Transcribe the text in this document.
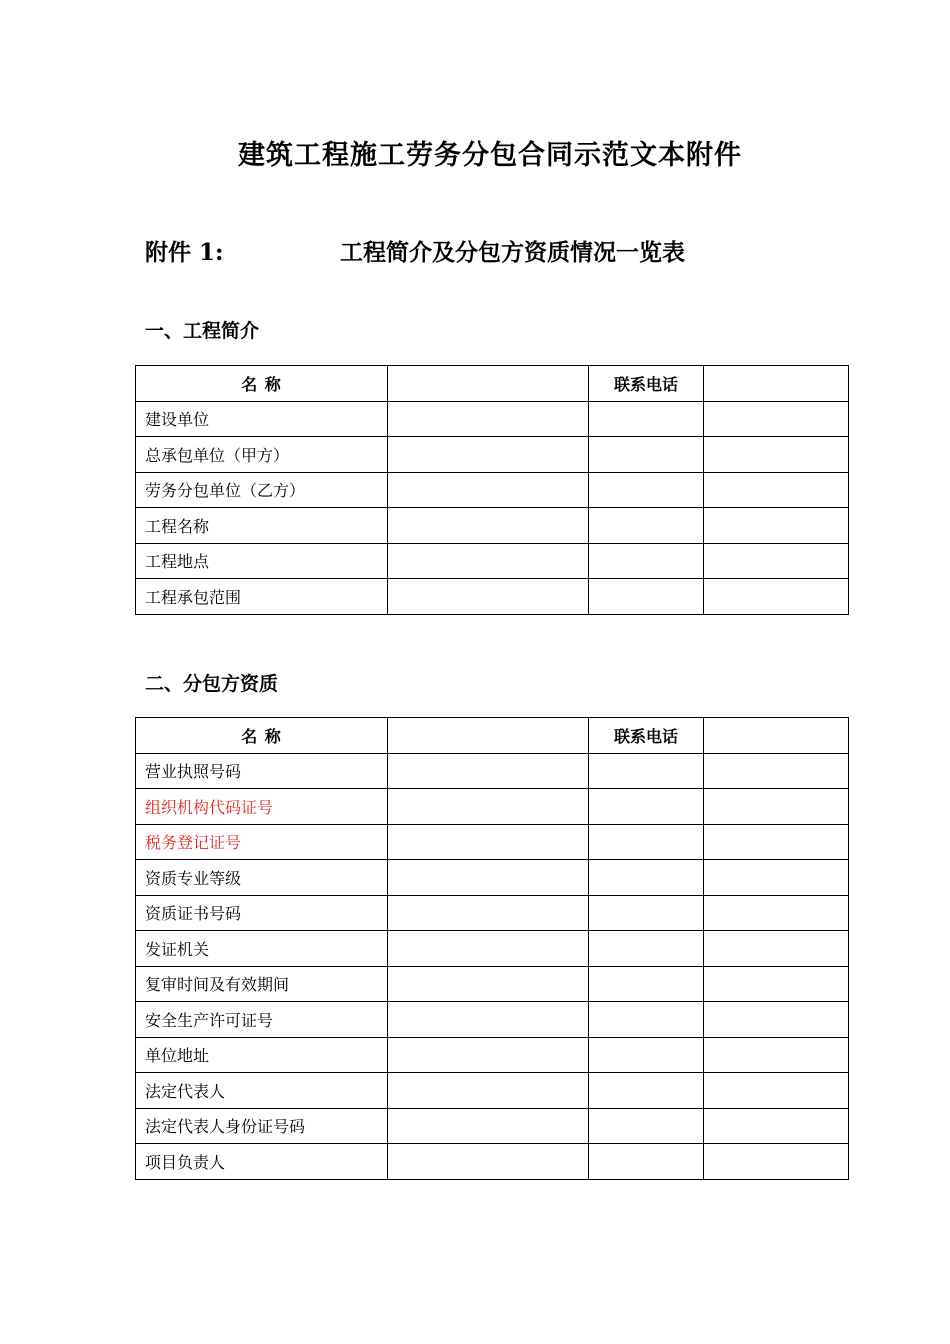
建筑工程施工劳务分包合同示范文本附件
附件 1:	工程简介及分包方资质情况一览表
一、工程简介
名 称		联系电话	
建设单位			
总承包单位（甲方）			
劳务分包单位（乙方）			
工程名称			
工程地点			
工程承包范围			
二、分包方资质
名 称		联系电话	
营业执照号码			
组织机构代码证号			
税务登记证号			
资质专业等级			
资质证书号码			
发证机关			
复审时间及有效期间			
安全生产许可证号			
单位地址			
法定代表人			
法定代表人身份证号码			
项目负责人			
